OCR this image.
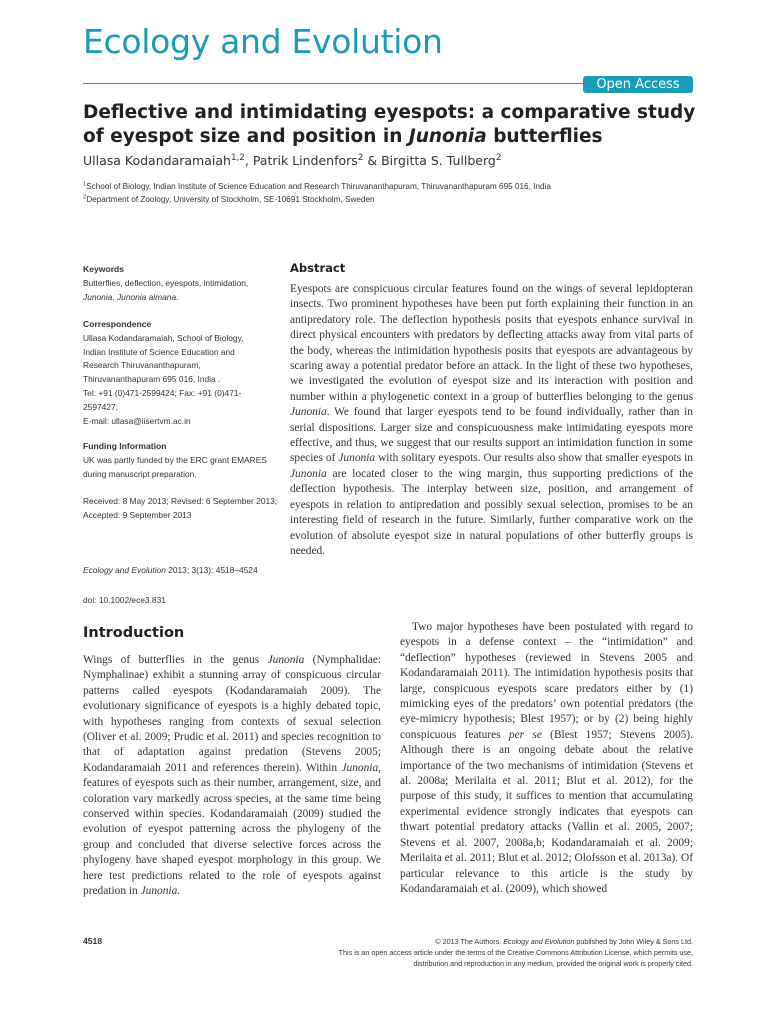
Ecology and Evolution
Open Access
Deflective and intimidating eyespots: a comparative study of eyespot size and position in Junonia butterflies
Ullasa Kodandaramaiah$^{1,2}$, Patrik Lindenfors$^2$ & Birgitta S. Tullberg$^2$
$^1$School of Biology, Indian Institute of Science Education and Research Thiruvananthapuram, Thiruvananthapuram 695 016, India
$^2$Department of Zoology, University of Stockholm, SE-10691 Stockholm, Sweden
Keywords

Butterflies, deflection, eyespots, intimidation,
Junonia, Junonia almana.

Correspondence

Ullasa Kodandaramaiah, School of Biology,

Indian Institute of Science Education and

Research Thiruvananthapuram,

Thiruvananthapuram 695 016, India .

Tel: +91 (0)471-2599424; Fax: +91 (0)471-

2597427;

E-mail: ullasa@iisertvm.ac.in

Funding Information

UK was partly funded by the ERC grant EMARES during manuscript preparation.

Received: 8 May 2013; Revised: 6 September 2013; Accepted: 9 September 2013

Ecology and Evolution 2013; 3(13): 4518–4524

Abstract

Eyespots are conspicuous circular features found on the wings of several lepidopteran insects. Two prominent hypotheses have been put forth explaining their function in an antipredatory role. The deflection hypothesis posits that eyespots enhance survival in direct physical encounters with predators by deflecting attacks away from vital parts of the body, whereas the intimidation hypothesis posits that eyespots are advantageous by scaring away a potential predator before an attack. In the light of these two hypotheses, we investigated the evolution of eyespot size and its interaction with position and number within a phylogenetic context in a group of butterflies belonging to the genus Junonia. We found that larger eyespots tend to be found individually, rather than in serial dispositions. Larger size and conspicuousness make intimidating eyespots more effective, and thus, we suggest that our results support an intimidation function in some species of Junonia with solitary eyespots. Our results also show that smaller eyespots in Junonia are located closer to the wing margin, thus supporting predictions of the deflection hypothesis. The interplay between size, position, and arrangement of eyespots in relation to antipredation and possibly sexual selection, promises to be an interesting field of research in the future. Similarly, further comparative work on the evolution of absolute eyespot size in natural populations of other butterfly groups is needed.

doi: 10.1002/ece3.831
Introduction

Wings of butterflies in the genus Junonia (Nymphalidae: Nymphalinae) exhibit a stunning array of conspicuous circular patterns called eyespots (Kodandaramaiah 2009). The evolutionary significance of eyespots is a highly debated topic, with hypotheses ranging from contexts of sexual selection (Oliver et al. 2009; Prudic et al. 2011) and species recognition to that of adaptation against predation (Stevens 2005; Kodandaramaiah 2011 and references therein). Within Junonia, features of eyespots such as their number, arrangement, size, and coloration vary markedly across species, at the same time being conserved within species. Kodandaramaiah (2009) studied the evolution of eyespot patterning across the phylogeny of the group and concluded that diverse selective forces across the phylogeny have shaped eyespot morphology in this group. We here test predictions related to the role of eyespots against predation in Junonia.

Two major hypotheses have been postulated with regard to eyespots in a defense context – the “intimidation” and “deflection” hypotheses (reviewed in Stevens 2005 and Kodandaramaiah 2011). The intimidation hypothesis posits that large, conspicuous eyespots scare predators either by (1) mimicking eyes of the predators’ own potential predators (the eye-mimicry hypothesis; Blest 1957); or by (2) being highly conspicuous features per se (Blest 1957; Stevens 2005). Although there is an ongoing debate about the relative importance of the two mechanisms of intimidation (Stevens et al. 2008a; Merilaita et al. 2011; Blut et al. 2012), for the purpose of this study, it suffices to mention that accumulating experimental evidence strongly indicates that eyespots can thwart potential predatory attacks (Vallin et al. 2005, 2007; Stevens et al. 2007, 2008a,b; Kodandaramaiah et al. 2009; Merilaita et al. 2011; Blut et al. 2012; Olofsson et al. 2013a). Of particular relevance to this article is the study by Kodandaramaiah et al. (2009), which showed

4518	© 2013 The Authors. Ecology and Evolution published by John Wiley & Sons Ltd.
This is an open access article under the terms of the Creative Commons Attribution License, which permits use,
distribution and reproduction in any medium, provided the original work is properly cited.
